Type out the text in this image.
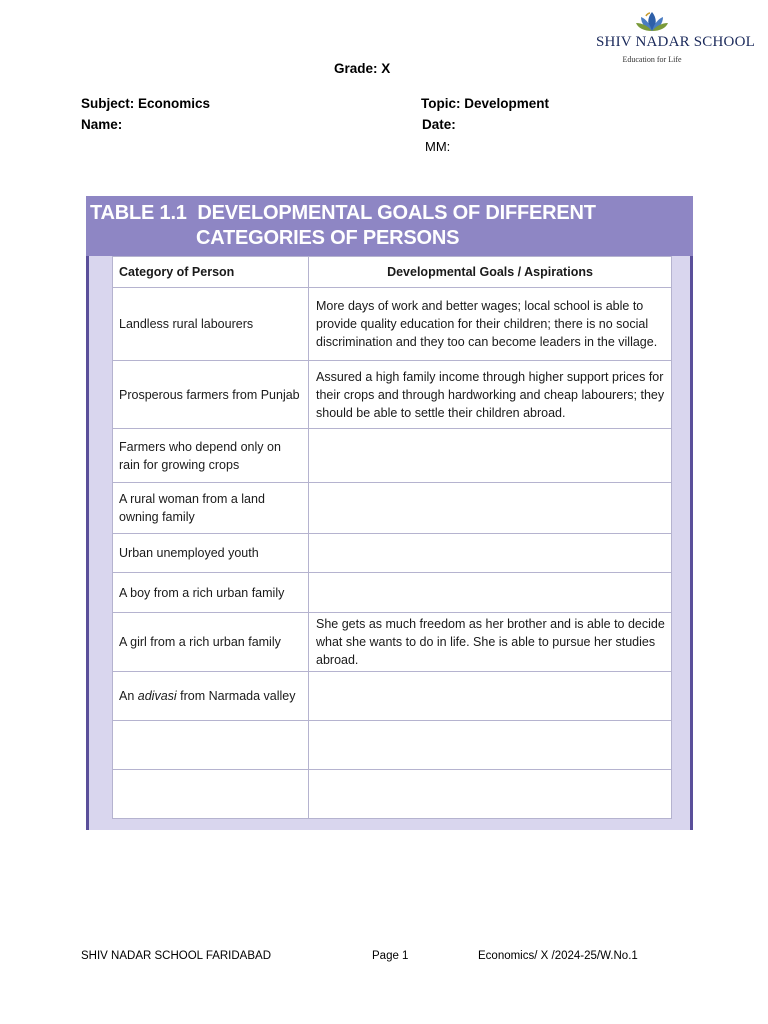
SHIV NADAR SCHOOL
Education for Life
Grade: X
Subject: Economics	Topic: Development
Name:	Date:
MM:
TABLE 1.1 DEVELOPMENTAL GOALS OF DIFFERENT
CATEGORIES OF PERSONS
Category of Person	Developmental Goals / Aspirations
Landless rural labourers	More days of work and better wages; local school is able to provide quality education for their children; there is no social discrimination and they too can become leaders in the village.
Prosperous farmers from Punjab	Assured a high family income through higher support prices for their crops and through hardworking and cheap labourers; they should be able to settle their children abroad.
Farmers who depend only on rain for growing crops	
A rural woman from a land owning family	
Urban unemployed youth	
A boy from a rich urban family	
A girl from a rich urban family	She gets as much freedom as her brother and is able to decide what she wants to do in life. She is able to pursue her studies abroad.
An adivasi from Narmada valley	

SHIV NADAR SCHOOL FARIDABAD	Page 1	Economics/ X /2024-25/W.No.1
